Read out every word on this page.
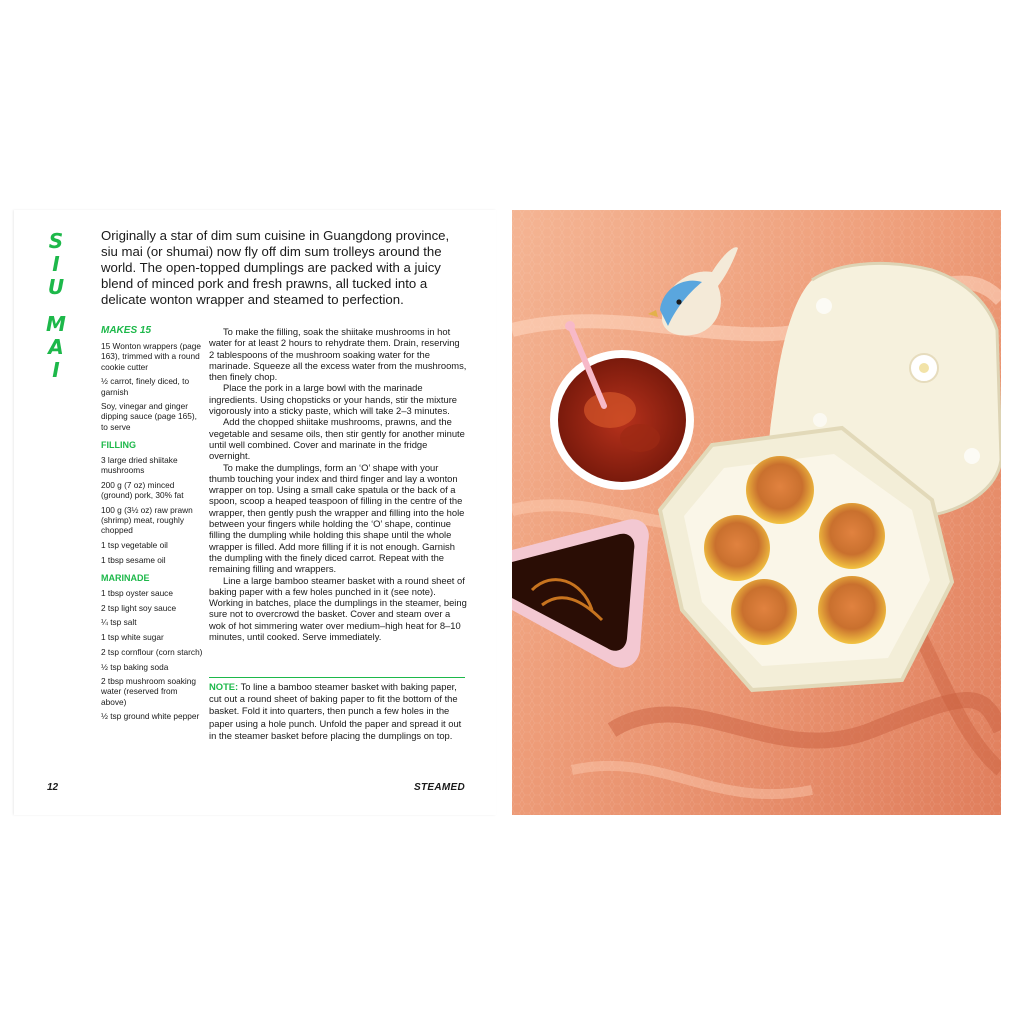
S
I
U
M
A
I

Originally a star of dim sum cuisine in Guangdong province, siu mai (or shumai) now fly off dim sum trolleys around the world. The open-topped dumplings are packed with a juicy blend of minced pork and fresh prawns, all tucked into a delicate wonton wrapper and steamed to perfection.

MAKES 15
15 Wonton wrappers (page 163), trimmed with a round cookie cutter
½ carrot, finely diced, to garnish
Soy, vinegar and ginger dipping sauce (page 165), to serve
FILLING
3 large dried shiitake mushrooms
200 g (7 oz) minced (ground) pork, 30% fat
100 g (3½ oz) raw prawn (shrimp) meat, roughly chopped
1 tsp vegetable oil
1 tbsp sesame oil
MARINADE
1 tbsp oyster sauce
2 tsp light soy sauce
¼ tsp salt
1 tsp white sugar
2 tsp cornflour (corn starch)
½ tsp baking soda
2 tbsp mushroom soaking water (reserved from above)
½ tsp ground white pepper

To make the filling, soak the shiitake mushrooms in hot water for at least 2 hours to rehydrate them. Drain, reserving 2 tablespoons of the mushroom soaking water for the marinade. Squeeze all the excess water from the mushrooms, then finely chop.

Place the pork in a large bowl with the marinade ingredients. Using chopsticks or your hands, stir the mixture vigorously into a sticky paste, which will take 2–3 minutes.

Add the chopped shiitake mushrooms, prawns, and the vegetable and sesame oils, then stir gently for another minute until well combined. Cover and marinate in the fridge overnight.

To make the dumplings, form an ‘O’ shape with your thumb touching your index and third finger and lay a wonton wrapper on top. Using a small cake spatula or the back of a spoon, scoop a heaped teaspoon of filling in the centre of the wrapper, then gently push the wrapper and filling into the hole between your fingers while holding the ‘O’ shape, continue filling the dumpling while holding this shape until the whole wrapper is filled. Add more filling if it is not enough. Garnish the dumpling with the finely diced carrot. Repeat with the remaining filling and wrappers.

Line a large bamboo steamer basket with a round sheet of baking paper with a few holes punched in it (see note). Working in batches, place the dumplings in the steamer, being sure not to overcrowd the basket. Cover and steam over a wok of hot simmering water over medium–high heat for 8–10 minutes, until cooked. Serve immediately.

NOTE: To line a bamboo steamer basket with baking paper, cut out a round sheet of baking paper to fit the bottom of the basket. Fold it into quarters, then punch a few holes in the paper using a hole punch. Unfold the paper and spread it out in the steamer basket before placing the dumplings on top.

12	STEAMED
